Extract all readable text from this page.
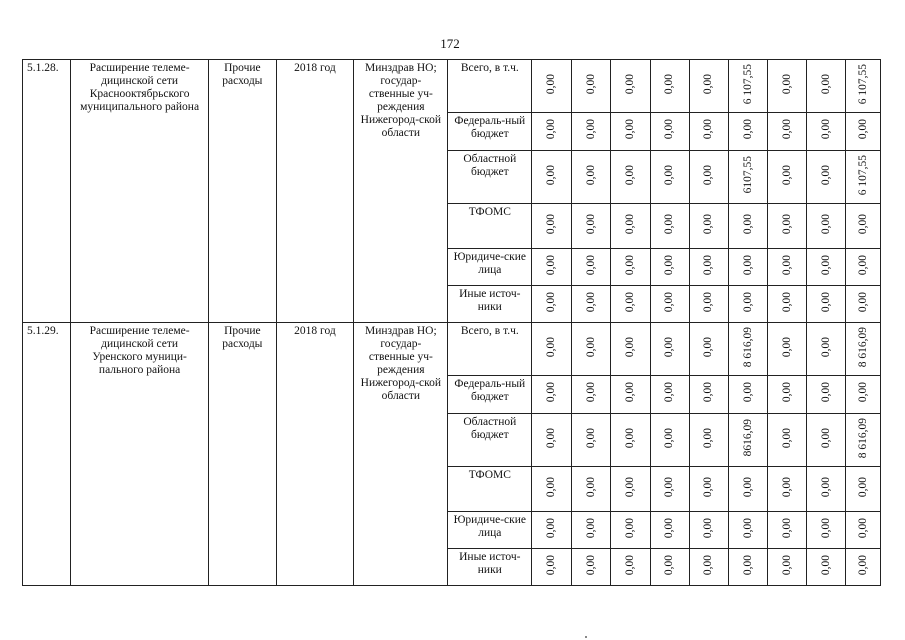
172
5.1.28.	Расширение телеме-дицинской сети Краснооктябрьского муниципального района	Прочие расходы	2018 год	Минздрав НО; государ-ственные уч-реждения Нижегород-ской области	Всего, в т.ч.	0,00	0,00	0,00	0,00	0,00	6 107,55	0,00	0,00	6 107,55
					Федераль-ный бюджет	0,00	0,00	0,00	0,00	0,00	0,00	0,00	0,00	0,00
					Областной бюджет	0,00	0,00	0,00	0,00	0,00	6107,55	0,00	0,00	6 107,55
					ТФОМС	0,00	0,00	0,00	0,00	0,00	0,00	0,00	0,00	0,00
					Юридиче-ские лица	0,00	0,00	0,00	0,00	0,00	0,00	0,00	0,00	0,00
					Иные источ-ники	0,00	0,00	0,00	0,00	0,00	0,00	0,00	0,00	0,00
5.1.29.	Расширение телеме-дицинской сети Уренского муници-пального района	Прочие расходы	2018 год	Минздрав НО; государ-ственные уч-реждения Нижегород-ской области	Всего, в т.ч.	0,00	0,00	0,00	0,00	0,00	8 616,09	0,00	0,00	8 616,09
					Федераль-ный бюджет	0,00	0,00	0,00	0,00	0,00	0,00	0,00	0,00	0,00
					Областной бюджет	0,00	0,00	0,00	0,00	0,00	8616,09	0,00	0,00	8 616,09
					ТФОМС	0,00	0,00	0,00	0,00	0,00	0,00	0,00	0,00	0,00
					Юридиче-ские лица	0,00	0,00	0,00	0,00	0,00	0,00	0,00	0,00	0,00
					Иные источ-ники	0,00	0,00	0,00	0,00	0,00	0,00	0,00	0,00	0,00
